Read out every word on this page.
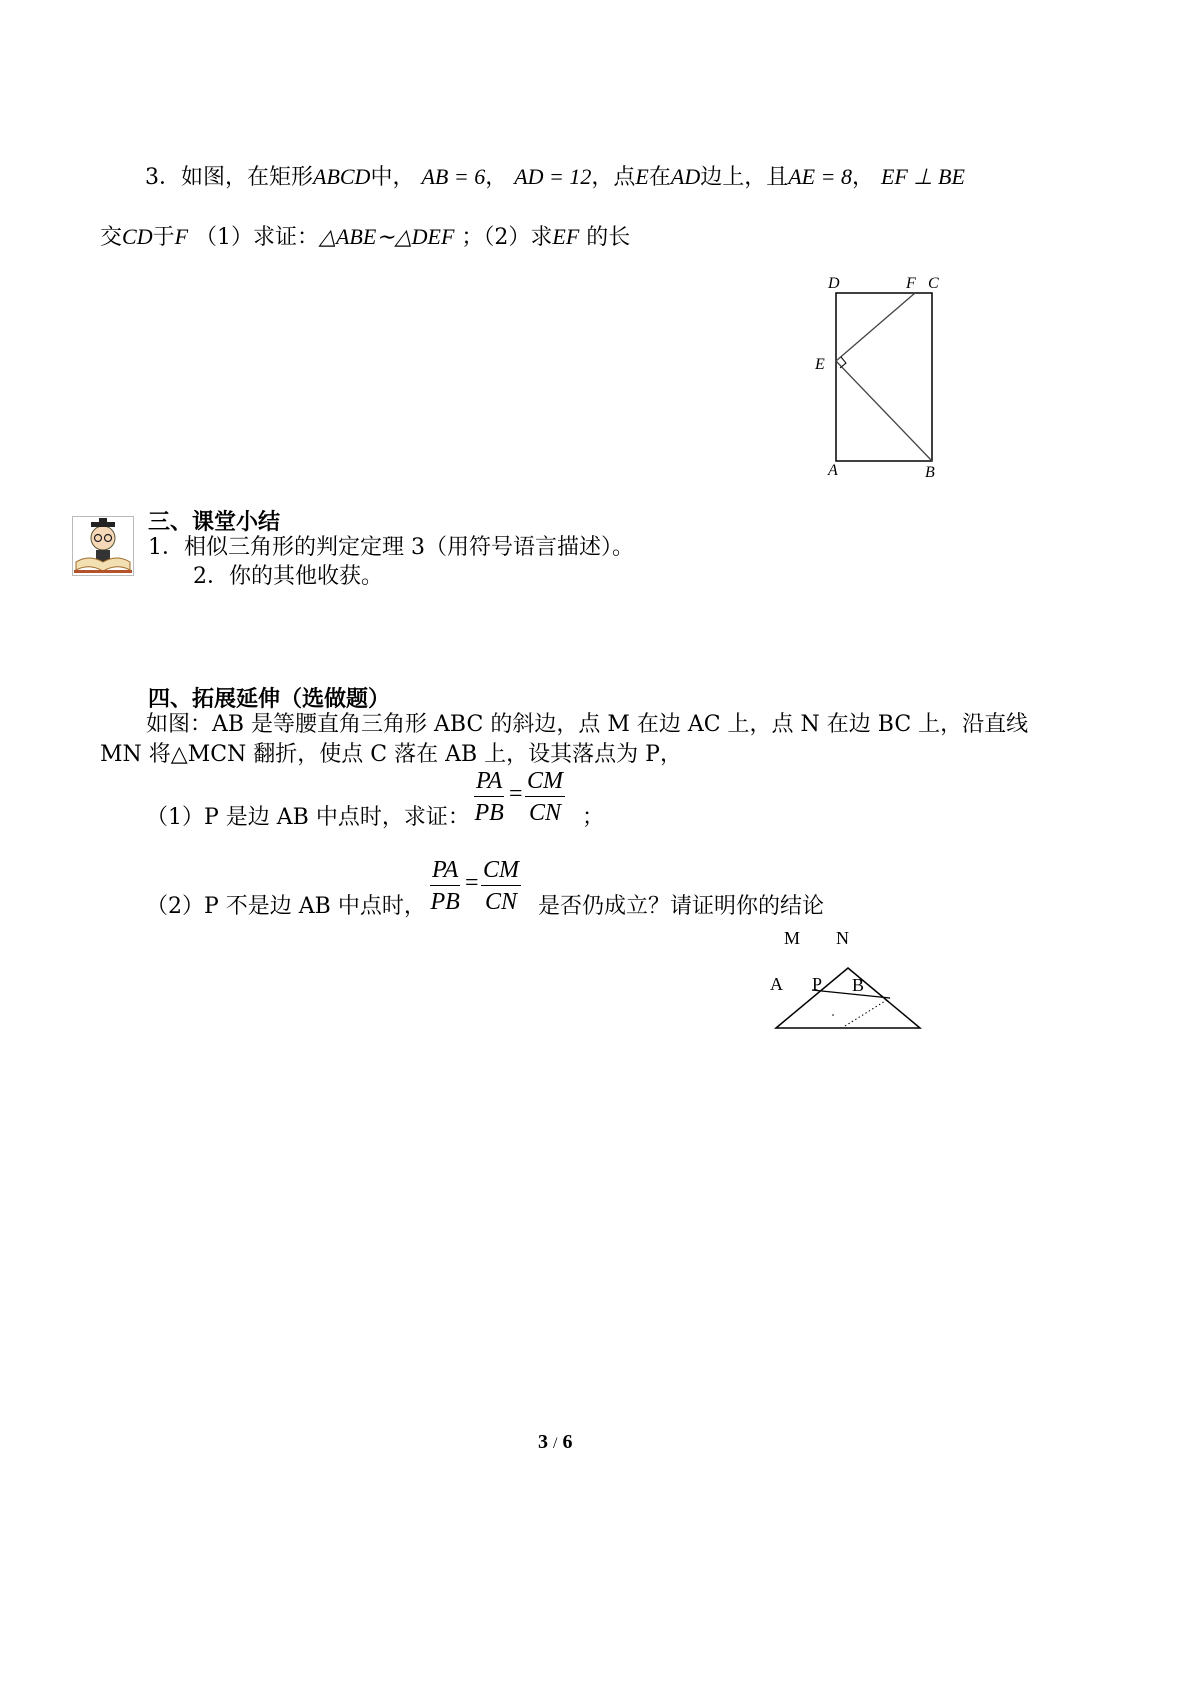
3．如图，在矩形ABCD中， AB = 6， AD = 12，点E在AD边上，且AE = 8， EF ⊥ BE
交CD于F （1）求证：△ABE∼△DEF ；（2）求EF 的长
D	F C
E
A	B
三、课堂小结
1．相似三角形的判定定理 3（用符号语言描述）。
2．你的其他收获。
四、拓展延伸（选做题）
如图：AB 是等腰直角三角形 ABC 的斜边，点 M 在边 AC 上，点 N 在边 BC 上，沿直线
MN 将△MCN 翻折，使点 C 落在 AB 上，设其落点为 P，
（1）P 是边 AB 中点时，求证： $\frac{PA}{PB} = \frac{CM}{CN}$ ；
（2）P 不是边 AB 中点时， $\frac{PA}{PB} = \frac{CM}{CN}$ 是否仍成立？请证明你的结论
M N
A P B
3 / 6
